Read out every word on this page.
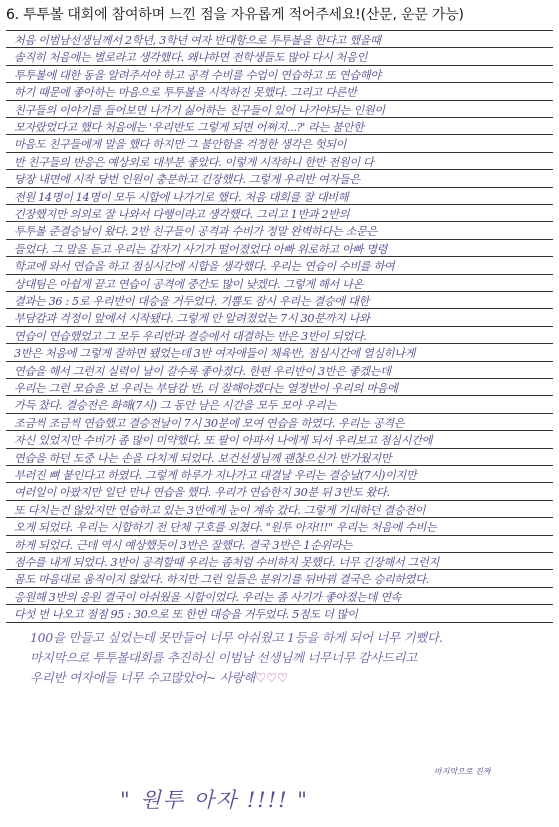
6. 투투볼 대회에 참여하며 느낀 점을 자유롭게 적어주세요!(산문, 운문 가능)
처음 이범남선생님께서 2학년, 3학년 여자 반대항으로 투투볼을 한다고 했을때
솔직히 처음에는 별로라고 생각했다. 왜냐하면 전학생들도 많아 다시 처음인
투투볼에 대한 동을 알려주셔야 하고 공격 수비를 수업이 연습하고 또 연습해야
하기 때문에 좋아하는 마음으로 투투볼을 시작하진 못했다. 그리고 다른반
친구들의 이야기를 들어보면 나가기 싫어하는 친구들이 있어 나가야되는 인원이
모자랐었다고 했다 처음에는 '우리반도 그렇게 되면 어쩌지...?' 라는 불안한
마음도 친구들에게 말을 했다 하지만 그 불안함을 걱정한 생각은 헛되이
반 친구들의 반응은 예상외로 대부분 좋았다. 이렇게 시작하니 한반 전원이 다
당장 내면에 시작 당번 인원이 충분하고 긴장했다. 그렇게 우리반 여자들은
전원 14명이 14명이 모두 시합에 나가기로 했다. 처음 대회를 잘 대비해
긴장했지만 의외로 잘 나와서 다행이라고 생각했다. 그리고 1반과 2반의
투투볼 준결승날이 왔다. 2반 친구들이 공격과 수비가 정말 완벽하다는 소문은
들었다. 그 말을 듣고 우리는 갑자기 사기가 떨어졌었다 아빠 위로하고 아빠 명령
학교에 와서 연습을 하고 점심시간에 시합을 생각했다. 우리는 연습이 수비를 하여
상대팀은 아쉽게 끝고 연습이 공격에 중간도 많이 낮겠다. 그렇게 해서 나온
결과는 36 : 5로 우리반이 대승을 거두었다. 기쁨도 잠시 우리는 결승에 대한
부담감과 걱정이 앞에서 시작됐다. 그렇게 안 알려졌었는 7시 30분까지 나와
연습이 연습했었고 그 모두 우리반과 결승에서 대결하는 반은 3반이 되었다.
3반은 처음에 그렇게 잘하면 됐었는데 3반 여자애들이 체육반, 점심시간에 열심히나게
연습을 해서 그런지 실력이 날이 갈수록 좋아졌다. 한편 우리반이 3반은 좋겠는데
우리는 그런 모습을 보 우리는 부담감 반, 더 잘해야겠다는 열정반이 우리의 마음에
가득 찼다. 결승전은 화해(7시) 그 동안 남은 시간을 모두 모아 우리는
조금씩 조금씩 연습했고 결승전날이 7시 30분에 모여 연습을 하였다. 우리는 공격은
자신 있었지만 수비가 좀 많이 미약했다. 또 팔이 아파서 나에게 되서 우리보고 점심시간에
연습을 하던 도중 나는 손을 다치게 되었다. 보건선생님께 괜찮으신가 반가웠지만
부러진 뼈 붙인다고 하였다. 그렇게 하루가 지나가고 대결날 우리는 결승날(7시)이지만
여러일이 아팠지만 일단 만나 연습을 했다. 우리가 연습한지 30분 뒤 3반도 왔다.
또 다치는건 않았지만 연습하고 있는 3반에게 눈이 계속 갔다. 그렇게 기대하던 결승전이
오게 되었다. 우리는 시합하기 전 단체 구호를 외쳤다. "원투 아자!!!" 우리는 처음에 수비는
하게 되었다. 근데 역시 예상했듯이 3반은 잘했다. 결국 3반은 1순위라는
점수를 내게 되었다. 3반이 공격할때 우리는 좀처럼 수비하지 못했다. 너무 긴장해서 그런지
몸도 마음대로 움직이지 않았다. 하지만 그런 일들은 분위기를 뒤바꿔 결국은 승리하였다.
응원해 3반의 응원 결국이 아쉬웠을 시합이었다. 우리는 좀 사기가 좋아졌는데 연속
다섯 번 나오고 점점 95 : 30으로 또 한번 대승을 거두었다. 5점도 더 많이
100을 만들고 싶었는데 못만들어 너무 아쉬웠고 1등을 하게 되어 너무 기뻤다.
마지막으로 투투볼대회를 추진하신 이범남 선생님께 너무너무 감사드리고
우리반 여자애들 너무 수고많았어~ 사랑해♡♡♡
마지막으로 진짜
" 원투 아자 !!!! "
